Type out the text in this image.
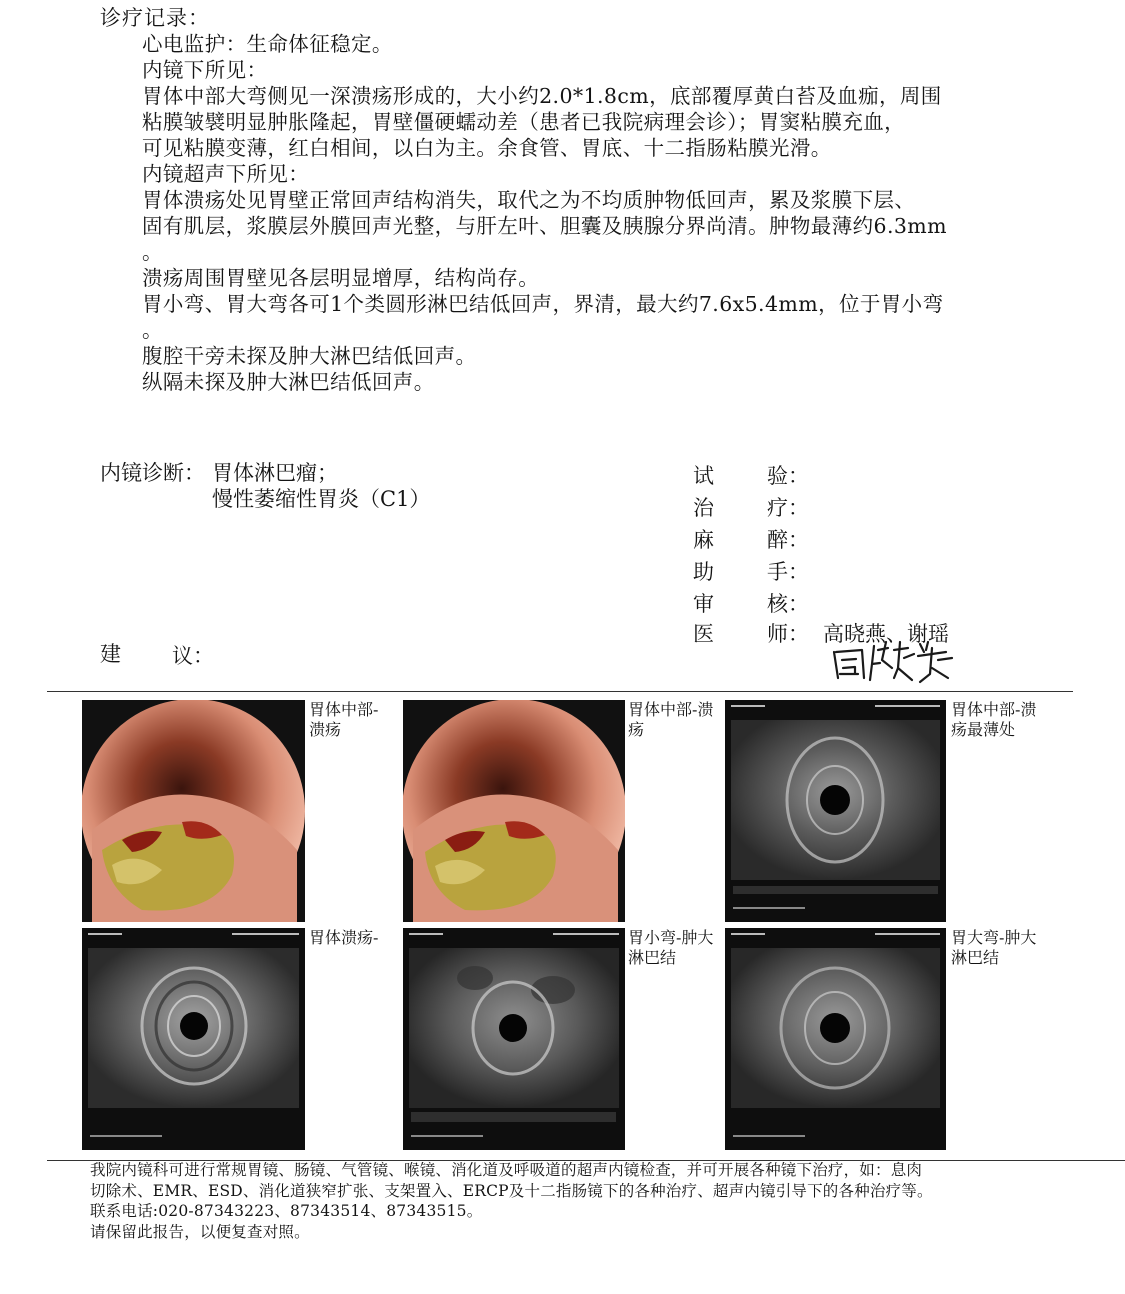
诊疗记录：
心电监护：生命体征稳定。
内镜下所见：
胃体中部大弯侧见一深溃疡形成的，大小约2.0*1.8cm，底部覆厚黄白苔及血痂，周围
粘膜皱襞明显肿胀隆起，胃壁僵硬蠕动差（患者已我院病理会诊）；胃窦粘膜充血，
可见粘膜变薄，红白相间，以白为主。余食管、胃底、十二指肠粘膜光滑。
内镜超声下所见：
胃体溃疡处见胃壁正常回声结构消失，取代之为不均质肿物低回声，累及浆膜下层、
固有肌层，浆膜层外膜回声光整，与肝左叶、胆囊及胰腺分界尚清。肿物最薄约6.3mm
。
溃疡周围胃壁见各层明显增厚，结构尚存。
胃小弯、胃大弯各可1个类圆形淋巴结低回声，界清，最大约7.6x5.4mm，位于胃小弯
。
腹腔干旁未探及肿大淋巴结低回声。
纵隔未探及肿大淋巴结低回声。
内镜诊断： 胃体淋巴瘤；
慢性萎缩性胃炎（C1）
建 议：
试	验：
治	疗：
麻	醉：
助	手：
审	核：
医	师： 高晓燕、谢瑶
胃体中部-
溃疡
胃体中部-溃
疡
胃体中部-溃
疡最薄处
胃体溃疡-	胃小弯-肿大
淋巴结
胃大弯-肿大
淋巴结
我院内镜科可进行常规胃镜、肠镜、气管镜、喉镜、消化道及呼吸道的超声内镜检查，并可开展各种镜下治疗，如：息肉
切除术、EMR、ESD、消化道狭窄扩张、支架置入、ERCP及十二指肠镜下的各种治疗、超声内镜引导下的各种治疗等。
联系电话:020-87343223、87343514、87343515。
请保留此报告，以便复查对照。
